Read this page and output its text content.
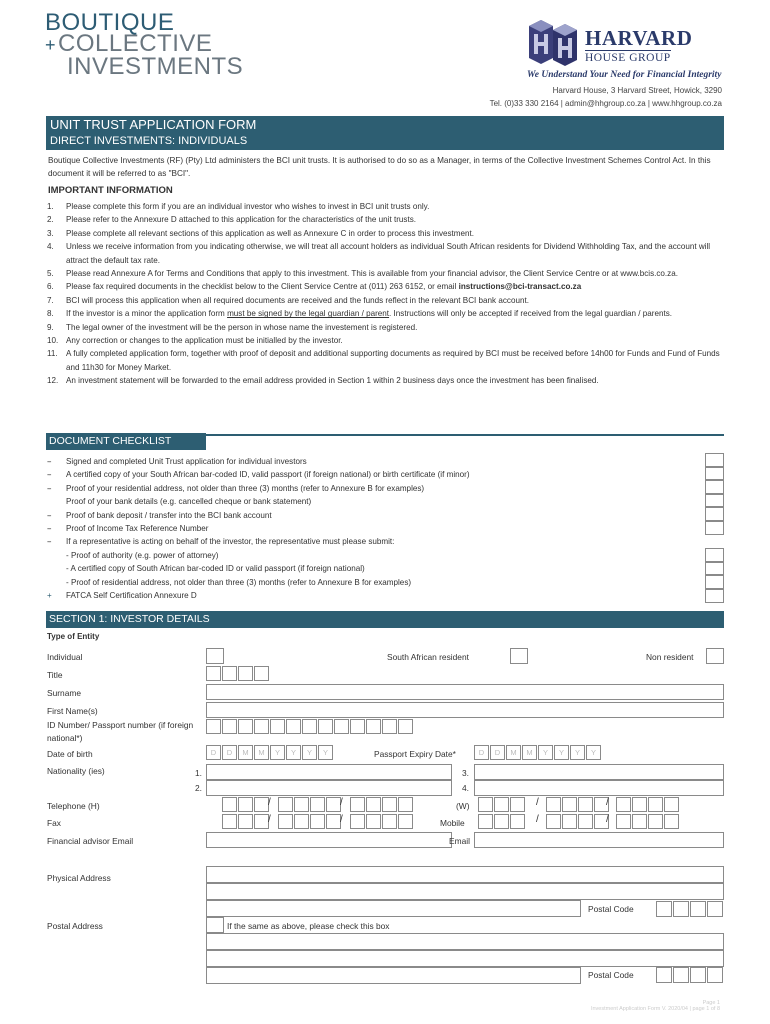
BOUTIQUE
+COLLECTIVE
INVESTMENTS
HARVARD
HOUSE GROUP
We Understand Your Need for Financial Integrity
Harvard House, 3 Harvard Street, Howick, 3290
Tel. (0)33 330 2164 | admin@hhgroup.co.za | www.hhgroup.co.za
UNIT TRUST APPLICATION FORM
DIRECT INVESTMENTS: INDIVIDUALS
Boutique Collective Investments (RF) (Pty) Ltd administers the BCI unit trusts. It is authorised to do so as a Manager, in terms of the Collective Investment Schemes Control Act. In this document it will be referred to as "BCI".
IMPORTANT INFORMATION
1.	Please complete this form if you are an individual investor who wishes to invest in BCI unit trusts only.
2.	Please refer to the Annexure D attached to this application for the characteristics of the unit trusts.
3.	Please complete all relevant sections of this application as well as Annexure C in order to process this investment.
4.	Unless we receive information from you indicating otherwise, we will treat all account holders as individual South African residents for Dividend Withholding Tax, and the account will attract the default tax rate.
5.	Please read Annexure A for Terms and Conditions that apply to this investment. This is available from your financial advisor, the Client Service Centre or at www.bcis.co.za.
6.	Please fax required documents in the checklist below to the Client Service Centre at (011) 263 6152, or email instructions@bci-transact.co.za
7.	BCI will process this application when all required documents are received and the funds reflect in the relevant BCI bank account.
8.	If the investor is a minor the application form must be signed by the legal guardian / parent. Instructions will only be accepted if received from the legal guardian / parents.
9.	The legal owner of the investment will be the person in whose name the investement is registered.
10. Any correction or changes to the application must be initialled by the investor.
11.	A fully completed application form, together with proof of deposit and additional supporting documents as required by BCI must be received before 14h00 for Funds and Fund of Funds and 11h30 for Money Market.
12. An investment statement will be forwarded to the email address provided in Section 1 within 2 business days once the investment has been finalised.
DOCUMENT CHECKLIST
--	Signed and completed Unit Trust application for individual investors
--	A certified copy of your South African bar-coded ID, valid passport (if foreign national) or birth certificate (if minor)
--	Proof of your residential address, not older than three (3) months (refer to Annexure B for examples)
Proof of your bank details (e.g. cancelled cheque or bank statement)
--	Proof of bank deposit / transfer into the BCI bank account
--	Proof of Income Tax Reference Number
--	If a representative is acting on behalf of the investor, the representative must please submit:
- Proof of authority (e.g. power of attorney)
- A certified copy of South African bar-coded ID or valid passport (if foreign national)
- Proof of residential address, not older than three (3) months (refer to Annexure B for examples)
+	FATCA Self Certification Annexure D
SECTION 1: INVESTOR DETAILS
Type of Entity
Individual	South African resident	Non resident
Title
Surname
First Name(s)
ID Number/ Passport number (if foreign national*)
Date of birth	D	D	M	M	Y	Y	Y	Y	Passport Expiry Date*	D	D	M	M	Y	Y	Y	Y
Nationality (ies)	1.	3.
2.	4.
Telephone (H)	/	/	(W)	/	/
Fax	/	/	Mobile	/	/
Financial advisor Email	Email
Physical Address
Postal Code
Postal Address	If the same as above, please check this box
Postal Code
Page 1
Investment Application Form V. 2020/04 | page 1 of 8
